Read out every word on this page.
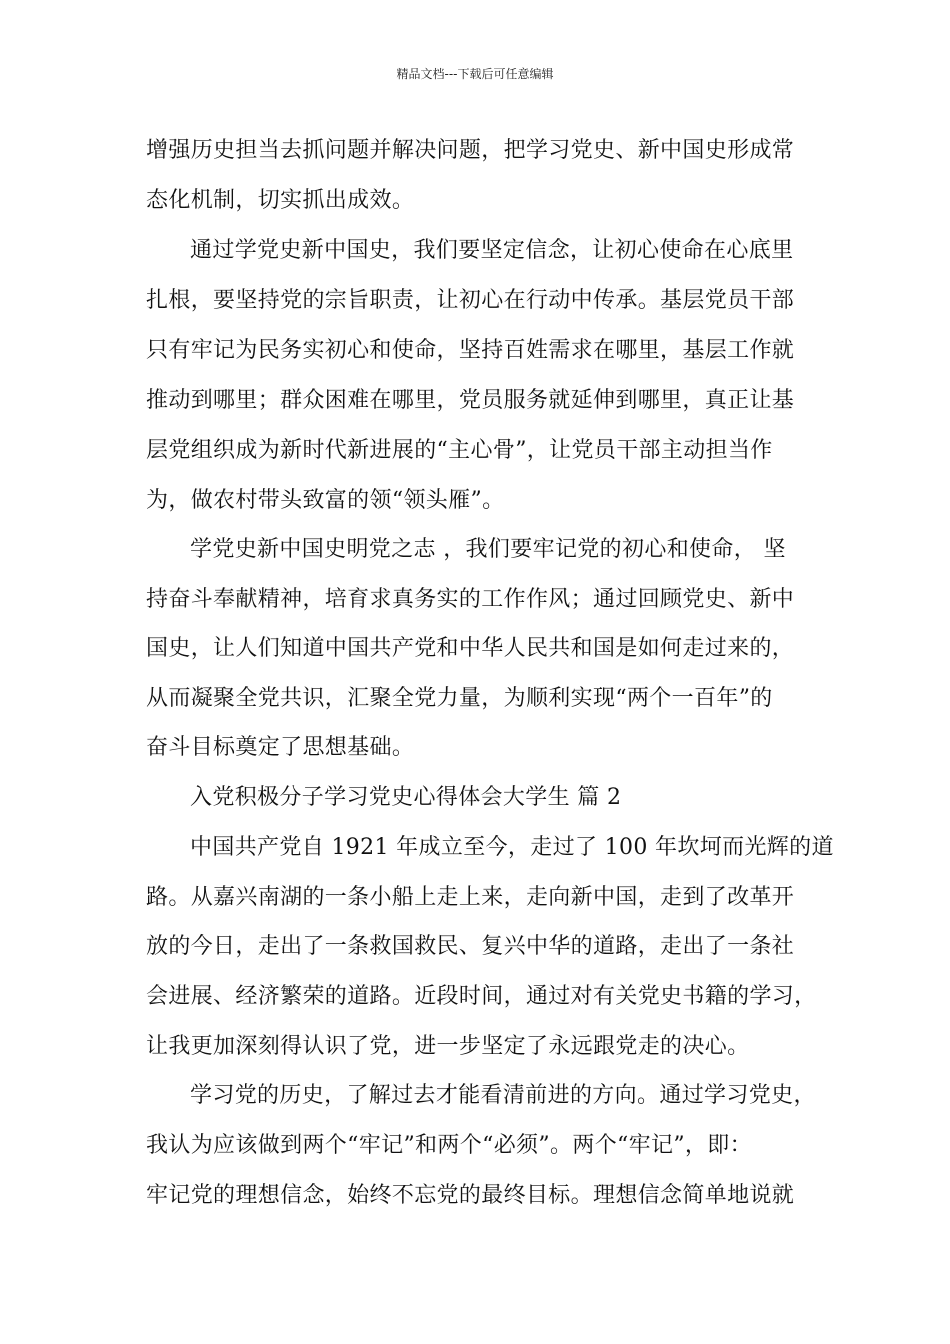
精品文档---下载后可任意编辑
增强历史担当去抓问题并解决问题，把学习党史、新中国史形成常
态化机制，切实抓出成效。
通过学党史新中国史，我们要坚定信念，让初心使命在心底里
扎根，要坚持党的宗旨职责，让初心在行动中传承。基层党员干部
只有牢记为民务实初心和使命，坚持百姓需求在哪里，基层工作就
推动到哪里；群众困难在哪里，党员服务就延伸到哪里，真正让基
层党组织成为新时代新进展的“主心骨”，让党员干部主动担当作
为，做农村带头致富的领“领头雁”。
学党史新中国史明党之志 ，我们要牢记党的初心和使命， 坚
持奋斗奉献精神，培育求真务实的工作作风；通过回顾党史、新中
国史，让人们知道中国共产党和中华人民共和国是如何走过来的，
从而凝聚全党共识，汇聚全党力量，为顺利实现“两个一百年”的
奋斗目标奠定了思想基础。
入党积极分子学习党史心得体会大学生 篇 2
中国共产党自 1921 年成立至今，走过了 100 年坎坷而光辉的道
路。从嘉兴南湖的一条小船上走上来，走向新中国，走到了改革开
放的今日，走出了一条救国救民、复兴中华的道路，走出了一条社
会进展、经济繁荣的道路。近段时间，通过对有关党史书籍的学习，
让我更加深刻得认识了党，进一步坚定了永远跟党走的决心。
学习党的历史，了解过去才能看清前进的方向。通过学习党史，
我认为应该做到两个“牢记”和两个“必须”。两个“牢记”，即：
牢记党的理想信念，始终不忘党的最终目标。理想信念简单地说就
